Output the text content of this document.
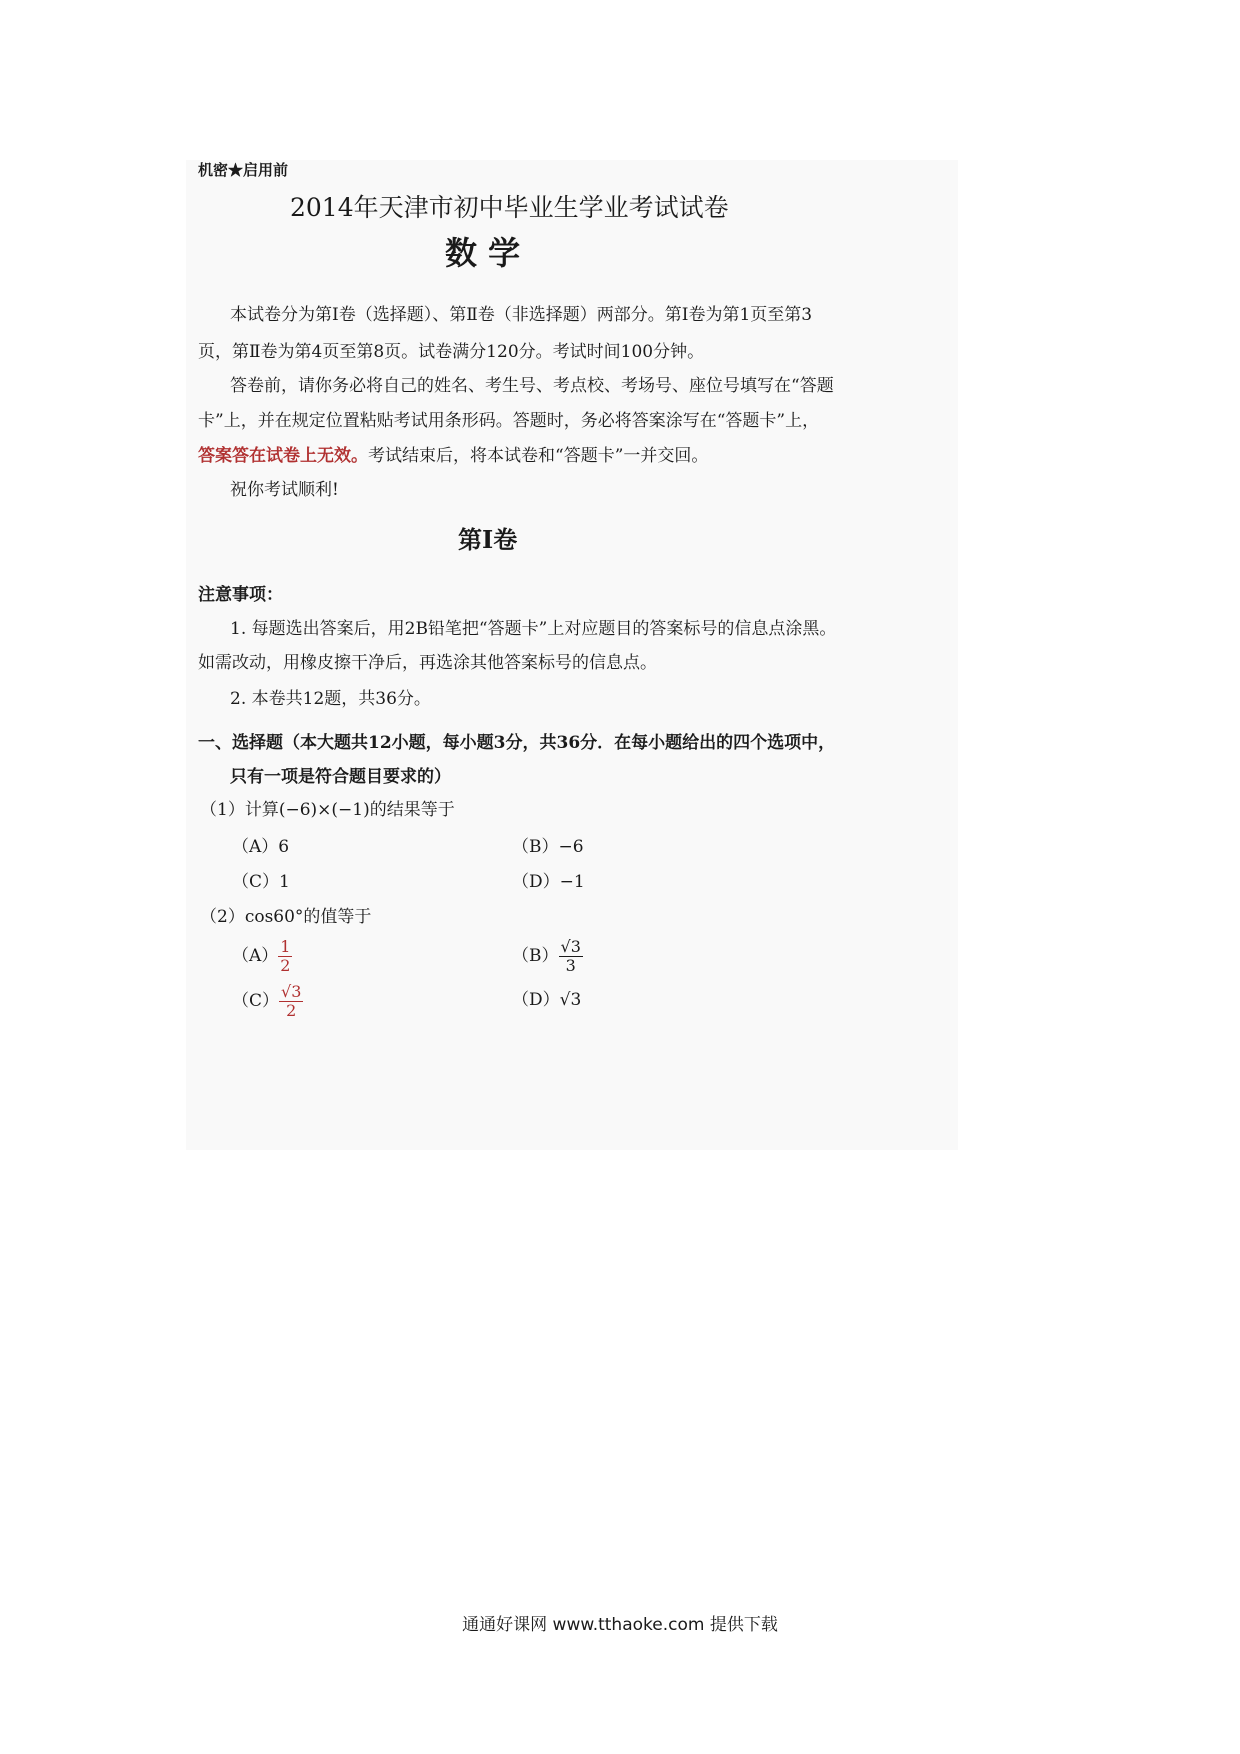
机密★启用前
2014年天津市初中毕业生学业考试试卷
数 学
本试卷分为第Ⅰ卷（选择题）、第Ⅱ卷（非选择题）两部分。第Ⅰ卷为第1页至第3
页，第Ⅱ卷为第4页至第8页。试卷满分120分。考试时间100分钟。
答卷前，请你务必将自己的姓名、考生号、考点校、考场号、座位号填写在“答题
卡”上，并在规定位置粘贴考试用条形码。答题时，务必将答案涂写在“答题卡”上，
答案答在试卷上无效。考试结束后，将本试卷和“答题卡”一并交回。
祝你考试顺利!
第Ⅰ卷
注意事项：
1. 每题选出答案后，用2B铅笔把“答题卡”上对应题目的答案标号的信息点涂黑。
如需改动，用橡皮擦干净后，再选涂其他答案标号的信息点。
2. 本卷共12题，共36分。
一、选择题（本大题共12小题，每小题3分，共36分．在每小题给出的四个选项中，
只有一项是符合题目要求的）
（1）计算(−6)×(−1)的结果等于
（A）6	（B）−6
（C）1	（D）−1
（2）cos60°的值等于
$(A) \frac{1}{2}$	$(B) \frac{√3}{3}$
$(C) \frac{√3}{2}$	（D）√3
通通好课网 www.tthaoke.com 提供下载
